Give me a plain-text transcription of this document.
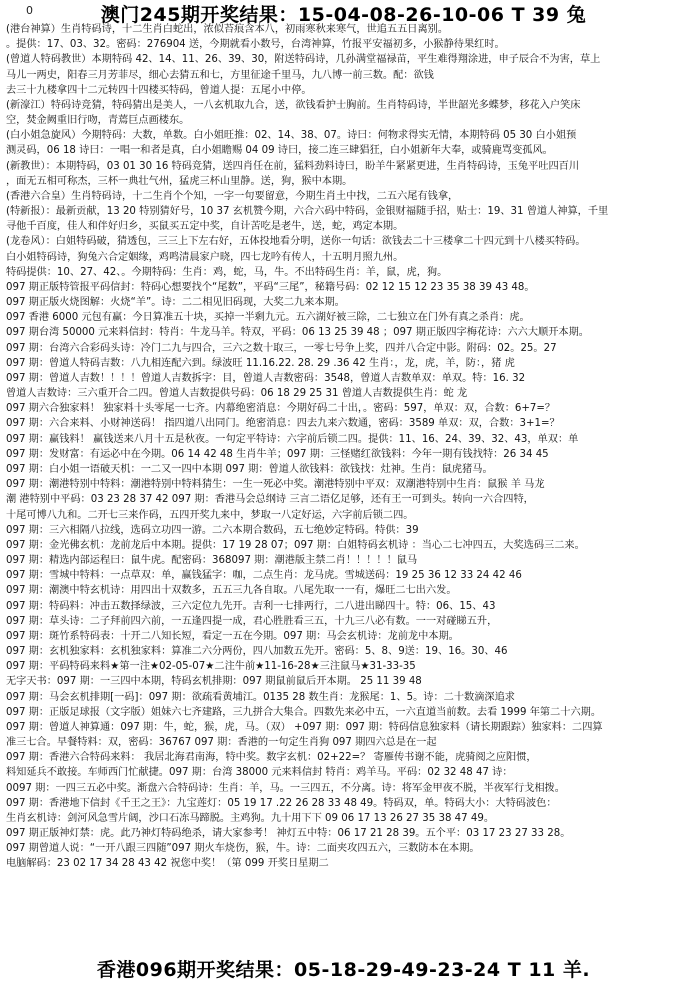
0	澳门245期开奖结果：15-04-08-26-10-06 T 39 兔
(港台神算）生肖特码诗，十二生肖白蛇出，浓似苔痕含本八，初雨寒秋来寒气，世追五五日离别。
。提供：17、03、32。密码：276904 送，今期就看小数号，台湾神算，竹报平安福初多，小猴静待果红时。
(曾道人特码教世）本期特码 42、14、11、26、39、30，附送特码诗，几孙满堂福禄苗，平生难得翔涂进，申子辰合不为害，草上
马儿一两史，阳春三月芳菲尽，细心去猜五和七，方里征途千里马，九八博一前三数。配：欲钱
去三十九楼拿四十二元转四十四楼买特码，曾道人提：五尾小中停。
(新濠江）特码诗竞猜，特码猜出是美人，一八玄机取九合，送，欲钱看护士胸前。生肖特码诗，半世韶光多蝶梦，移花入户笑床
空，焚金阙重旧行吻，青蔫巨点画楼东。
(白小姐急旋风）今期特码：大数，单数。白小姐旺推：02、14、38、07。诗曰：何物求得实无情，本期特码 05 30 白小姐预
测灵码，06 18 诗曰：一唱一和者是真，白小姐瞻赐 04 09 诗曰，接二连三肆猖狂，白小姐新年大奉，或骑鹿骂变孤风。
(新教世）：本期特码，03 01 30 16 特码竞猜，送四肖任在前，猛料劲料诗曰，盼羊牛紧紧更进，生肖特码诗，玉兔平吐四百川
，面无五相可称杰，三杯一典壮气州，猛虎三杯山里静。送，狗，猴中本期。
(香港六合皇）生肖特码诗，十二生肖个个知，一字一句要留意，今期生肖土中找，二五六尾有钱拿，
(特新报）：最新贡献，13 20 特别猜好号，10 37 玄机赞今期，六合六码中特码，金银财福随手招，贴士：19、31 曾道人神算，千里
寻他千百度，佳人和伴好归乡，买鼠买五定中奖，自计苦吃是老牛，送，蛇，鸡定本期。
(龙卷风）：白姐特码破，猜透包，三三上下左右好，五体投地看分明，送你一句话：欲钱去二十三楼拿二十四元到十八楼买特码。
白小姐特码诗，狗兔六合定姻缘，鸡鸣清晨家户晓，四七龙吟有传人，十五明月照九州。
特码提供：10、27、42、。今期特码：生肖：鸡，蛇，马，牛。不出特码生肖：羊，鼠，虎，狗。
097 期正版特管报平码信封：特码心想要找个“尾数”，平码“三尾”，秘籍号码：02 12 15 12 23 35 38 39 43 48。
097 期正版火烧图解：火烧“羊”。诗：二二相见旧码现，大奖二九来本期。
097 香港 6000 元包有赢：今日算准五十块，买掉一半剩九元。五六湖好被三除，二七独立在门外有真之杀肖：虎。
097 期台湾 50000 元来料信封：特肖：牛龙马羊。特双，平码：06 13 25 39 48 ；097 期正版四字梅花诗：六六大顺开本期。
097 期：台湾六合彩码头诗：冷门二九与四合，三六之数十取三，一零七号争上奖，四并八合定中影。附码：02。25。27
097 期：曾道人特码吉数：八九相连配六到。绿波旺 11.16.22. 28. 29 .36 42 生肖：，龙，虎，羊，防：，猪 虎
097 期：曾道人吉数！！！！曾道人吉数拆字：目，曾道人吉数密码：3548，曾道人吉数单双：单双。特：16. 32
曾道人吉数诗：三六重开合二四。曾道人吉数提供号码：06 18 29 25 31 曾道人吉数提供生肖：蛇 龙
097 期六合独家料！ 独家料十头零尾一七齐。内幕绝密消息：今期好码二十出，。密码：597，单双：双，合数：6+7=？
097 期：六合来料、小财神送码！ 指四道八出同门。绝密消息：四去九来六数通，密码：3589 单双：双，合数：3+1=？
097 期：赢钱料！ 赢钱送来八月十五是秋夜。一句定平特诗：六字前后锁二四。提供：11、16、24、39、32、43，单双：单
097 期：发财富：有运必中在今期。06 14 42 48 生肖牛羊；097 期：三怪赌红欲钱料：今年一期有钱找特：26 34 45
097 期：白小姐一语破天机：一二又一四中本期 097 期：曾道人欲钱料：欲钱找：灶神。生肖：鼠虎猪马。
097 期：潮港特别中特料：潮港特别中特料猜生：一生一死必中奖。潮港特别中平双：双潮港特别中生肖：鼠猴 羊 马龙
潮 港特别中平码：03 23 28 37 42 097 期：香港马会总纲诗 三言二语亿足够，还有王一可到头。转向一六合四特，
十尾可博八九和。二开七三来作码，五四开奖九来中，梦取一八定好运，六字前后锁二四。
097 期：三六相隔八拉线，选码立功四一游。二六本期合数码，五七绝妙定特码。特供：39
097 期：金光佛玄机：龙前龙后中本期。提供：17 19 28 07；097 期：白姐特码玄机诗 ：当心二七冲四五，大奖选码三二来。
097 期：精选内部运程曰：鼠牛虎。配密码：368097 期：潮港版主禁二肖！！！！！鼠马
097 期：雪城中特料：一点草双：单，赢钱猛字：咖，二点生肖：龙马虎。雪城送码：19 25 36 12 33 24 42 46
097 期：潮澳中特玄机诗：用四出十双数多，五五三九各自取。八尾先取一一有，爆旺二七出六发。
097 期：特码料：冲击五数择绿波，三六定位九先开。吉利一七排两行，二八进出睇四十。特：06、15、43
097 期：草头诗：二子拜前四六前，一五逢四提一成，君心胜胜看三五，十九三八必有数。一一对碰睇五升，
097 期：斑竹系特码表：十开二八知长短，看定一五在今期。097 期：马会玄机诗：龙前龙中本期。
097 期：玄机独家料：玄机独家料：算准二六分两份，四八加数五先开。密码：5、8、9送：19、16。30、46
097 期：平码特码来料★第一注★02-05-07★二注牛前★11-16-28★三注鼠马★31-33-35
无字天书：097 期：一三四中本期，特码玄机排期：097 期鼠前鼠后开本期。 25 11 39 48
097 期：马会玄机排期[一码]：097 期：欲疏看黄埔江。0135 28 数生肖：龙猴尾：1、5。诗：二十数滴深追求
097 期：正版足球报（文字版）姐妹六七齐建路，三九拼合大集合。四数先来必中五，一六直道当前数。去看 1999 年第二十六期。
097 期：曾道人神算通：097 期：牛，蛇，猴，虎，马。（双） +097 期：097 期：特码信息独家料（请长期跟踪）独家料：二四算
准三七合。早餐特料：双，密码：36767 097 期：香港的一句定生肖狗 097 期四六总是在一起
097 期：香港六合特码来料： 我居北海君南海，特中奖。数字玄机：02+22=？ 寄雁传书谢不能，虎骑阅之应阳惯，
料知延兵不敢接。车师西门忙献捷。097 期：台湾 38000 元来料信封 特肖：鸡羊马。平码：02 32 48 47 诗：
0097 期：一四三五必中奖。渐盘六合特码诗：生肖：羊，马。一三四五，不分离。诗：将军金甲夜不脱，半夜军行戈相拨。
097 期：香港地下信封《千王之王》：九宝莲灯：05 19 17 .22 26 28 33 48 49。特码双，单。特码大小：大特码波色：
生肖玄机诗：剑河风急雪片阔，沙口石冻马蹄脱。主鸡狗。九十用下下 09 06 17 13 26 27 35 38 47 49。
097 期正版神灯禁：虎。此乃神灯特码绝杀，请大家参考！ 神灯五中特：06 17 21 28 39。五个平：03 17 23 27 33 28。
097 期曾道人说：“一开八跟三四随”097 期火车烧伤，猴，牛。诗：二面夹攻四五六，三数防本在本期。
电脑解码：23 02 17 34 28 43 42 祝您中奖！（第 099 开奖日星期二
香港096期开奖结果：05-18-29-49-23-24 T 11 羊.
